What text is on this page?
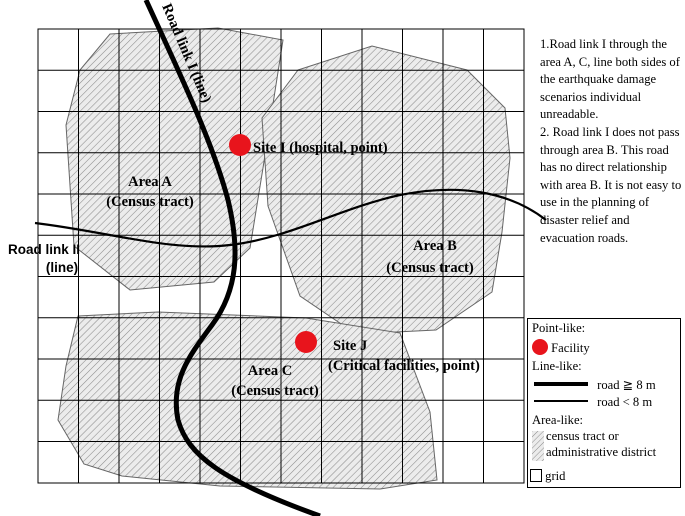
Road link I (line)
Site I (hospital, point)
Area A
(Census tract)
Road link II
(line)
Area B
(Census tract)
Site J
(Critical facilities, point)
Area C
(Census tract)
1.Road link I through the area A, C, line both sides of the earthquake damage scenarios individual unreadable.
2. Road link I does not pass through area B. This road has no direct relationship with area B. It is not easy to use in the planning of disaster relief and evacuation roads.
Point-like:
Facility
Line-like:
road ≧ 8 m
road < 8 m
Area-like:
census tract or
administrative district
grid
